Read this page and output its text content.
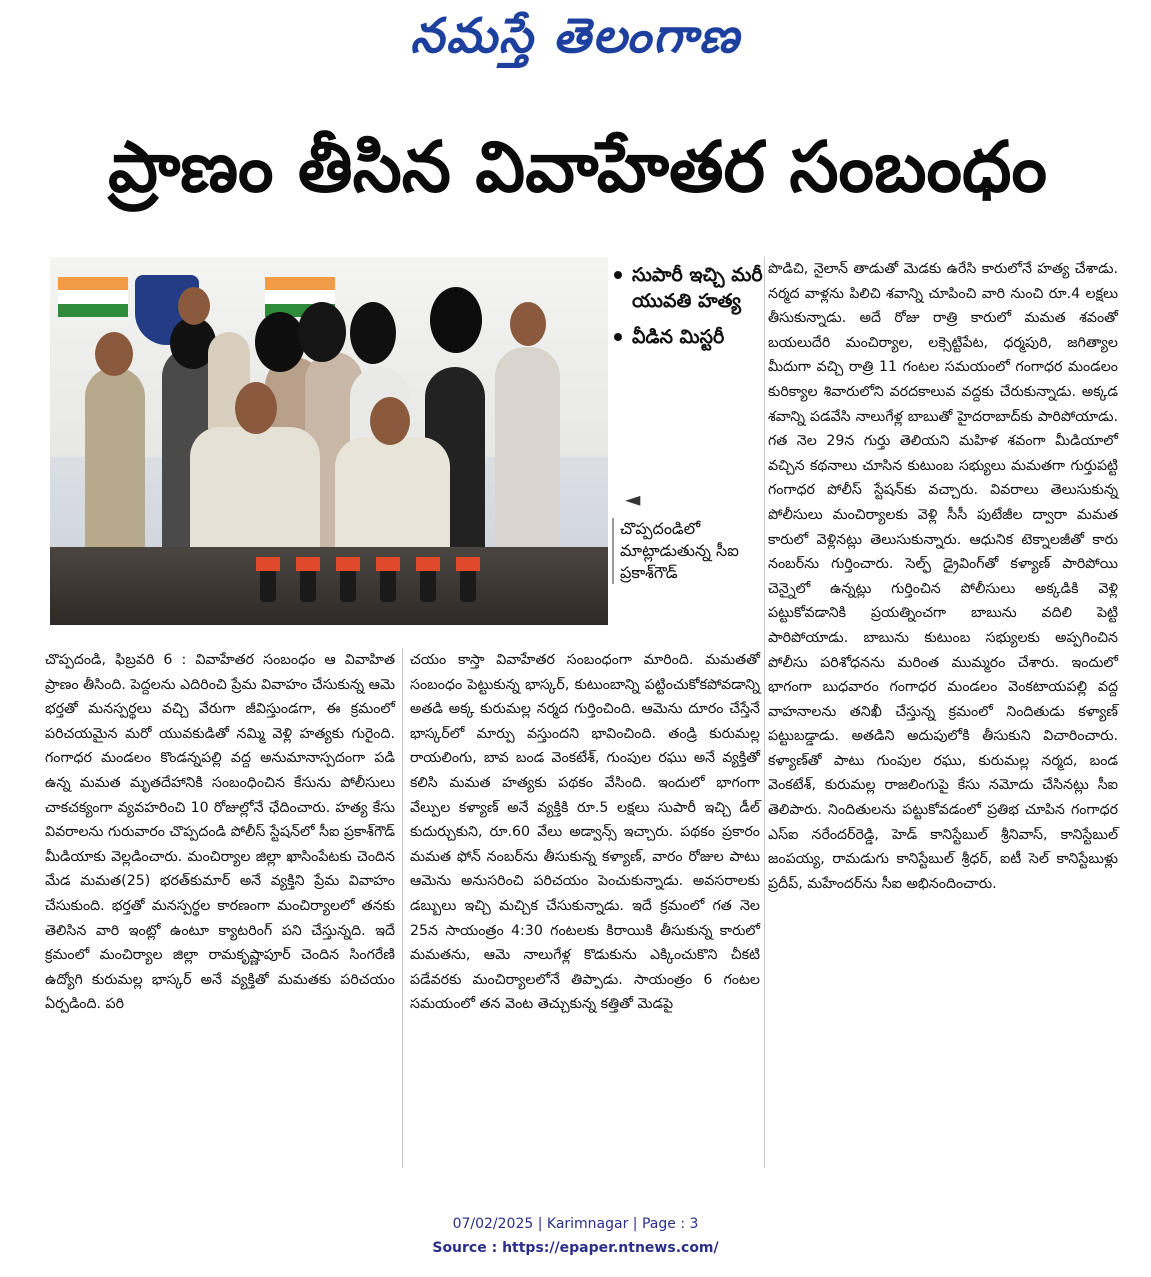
నమస్తే తెలంగాణ
ప్రాణం తీసిన వివాహేతర సంబంధం
సుపారీ ఇచ్చి మరీ యువతి హత్య
వీడిన మిస్టరీ
◄
చొప్పదండిలో మాట్లాడుతున్న సీఐ ప్రకాశ్‌గౌడ్

చొప్పదండి, ఫిబ్రవరి 6 : వివాహేతర సంబంధం ఆ వివాహిత ప్రాణం తీసింది. పెద్దలను ఎదిరించి ప్రేమ వివాహం చేసుకున్న ఆమె భర్తతో మనస్పర్థలు వచ్చి వేరుగా జీవిస్తుండగా, ఈ క్రమంలో పరిచయమైన మరో యువకుడితో నమ్మి వెళ్లి హత్యకు గురైంది. గంగాధర మండలం కొండన్నపల్లి వద్ద అనుమానాస్పదంగా పడి ఉన్న మమత మృతదేహానికి సంబంధించిన కేసును పోలీసులు చాకచక్యంగా వ్యవహరించి 10 రోజుల్లోనే ఛేదించారు. హత్య కేసు వివరాలను గురువారం చొప్పదండి పోలీస్ స్టేషన్‌లో సీఐ ప్రకాశ్‌గౌడ్ మీడియాకు వెల్లడించారు. మంచిర్యాల జిల్లా ఖాసింపేటకు చెందిన మేడ మమత(25) భరత్‌కుమార్ అనే వ్యక్తిని ప్రేమ వివాహం చేసుకుంది. భర్తతో మనస్పర్థల కారణంగా మంచిర్యాలలో తనకు తెలిసిన వారి ఇంట్లో ఉంటూ క్యాటరింగ్ పని చేస్తున్నది. ఇదే క్రమంలో మంచిర్యాల జిల్లా రామకృష్ణాపూర్ చెందిన సింగరేణి ఉద్యోగి కురుమల్ల భాస్కర్ అనే వ్యక్తితో మమతకు పరిచయం ఏర్పడింది. పరి

చయం కాస్తా వివాహేతర సంబంధంగా మారింది. మమతతో సంబంధం పెట్టుకున్న భాస్కర్, కుటుంబాన్ని పట్టించుకోకపోవడాన్ని అతడి అక్క కురుమల్ల నర్మద గుర్తించింది. ఆమెను దూరం చేస్తేనే భాస్కర్‌లో మార్పు వస్తుందని భావించింది. తండ్రి కురుమల్ల రాయలింగు, బావ బండ వెంకటేశ్, గుంపుల రఘు అనే వ్యక్తితో కలిసి మమత హత్యకు పథకం వేసింది. ఇందులో భాగంగా వేల్పుల కళ్యాణ్ అనే వ్యక్తికి రూ.5 లక్షలు సుపారీ ఇచ్చి డీల్ కుదుర్చుకుని, రూ.60 వేలు అడ్వాన్స్ ఇచ్చారు. పథకం ప్రకారం మమత ఫోన్ నంబర్‌ను తీసుకున్న కళ్యాణ్, వారం రోజుల పాటు ఆమెను అనుసరించి పరిచయం పెంచుకున్నాడు. అవసరాలకు డబ్బులు ఇచ్చి మచ్చిక చేసుకున్నాడు. ఇదే క్రమంలో గత నెల 25న సాయంత్రం 4:30 గంటలకు కిరాయికి తీసుకున్న కారులో మమతను, ఆమె నాలుగేళ్ల కొడుకును ఎక్కించుకొని చీకటి పడేవరకు మంచిర్యాలలోనే తిప్పాడు. సాయంత్రం 6 గంటల సమయంలో తన వెంట తెచ్చుకున్న కత్తితో మెడపై

పొడిచి, నైలాన్ తాడుతో మెడకు ఉరేసి కారులోనే హత్య చేశాడు. నర్మద వాళ్లను పిలిచి శవాన్ని చూపించి వారి నుంచి రూ.4 లక్షలు తీసుకున్నాడు. అదే రోజు రాత్రి కారులో మమత శవంతో బయలుదేరి మంచిర్యాల, లక్సెట్టిపేట, ధర్మపురి, జగిత్యాల మీదుగా వచ్చి రాత్రి 11 గంటల సమయంలో గంగాధర మండలం కురిక్యాల శివారులోని వరదకాలువ వద్దకు చేరుకున్నాడు. అక్కడ శవాన్ని పడవేసి నాలుగేళ్ల బాబుతో హైదరాబాద్‌కు పారిపోయాడు. గత నెల 29న గుర్తు తెలియని మహిళ శవంగా మీడియాలో వచ్చిన కథనాలు చూసిన కుటుంబ సభ్యులు మమతగా గుర్తుపట్టి గంగాధర పోలీస్ స్టేషన్‌కు వచ్చారు. వివరాలు తెలుసుకున్న పోలీసులు మంచిర్యాలకు వెళ్లి సీసీ పుటేజీల ద్వారా మమత కారులో వెళ్లినట్లు తెలుసుకున్నారు. ఆధునిక టెక్నాలజీతో కారు నంబర్‌ను గుర్తించారు. సెల్ఫ్ డ్రైవింగ్‌తో కళ్యాణ్ పారిపోయి చెన్నైలో ఉన్నట్లు గుర్తించిన పోలీసులు అక్కడికి వెళ్లి పట్టుకోవడానికి ప్రయత్నించగా బాబును వదిలి పెట్టి పారిపోయాడు. బాబును కుటుంబ సభ్యులకు అప్పగించిన పోలీసు పరిశోధనను మరింత ముమ్మరం చేశారు. ఇందులో భాగంగా బుధవారం గంగాధర మండలం వెంకటాయపల్లి వద్ద వాహనాలను తనిఖీ చేస్తున్న క్రమంలో నిందితుడు కళ్యాణ్ పట్టుబడ్డాడు. అతడిని అదుపులోకి తీసుకుని విచారించారు. కళ్యాణ్‌తో పాటు గుంపుల రఘు, కురుమల్ల నర్మద, బండ వెంకటేశ్, కురుమల్ల రాజలింగుపై కేసు నమోదు చేసినట్లు సీఐ తెలిపారు. నిందితులను పట్టుకోవడంలో ప్రతిభ చూపిన గంగాధర ఎస్ఐ నరేందర్‌రెడ్డి, హెడ్ కానిస్టేబుల్ శ్రీనివాస్, కానిస్టేబుల్ జంపయ్య, రామడుగు కానిస్టేబుల్ శ్రీధర్, ఐటీ సెల్ కానిస్టేబుళ్లు ప్రదీప్, మహేందర్‌ను సీఐ అభినందించారు.

07/02/2025 | Karimnagar | Page : 3
Source : https://epaper.ntnews.com/
